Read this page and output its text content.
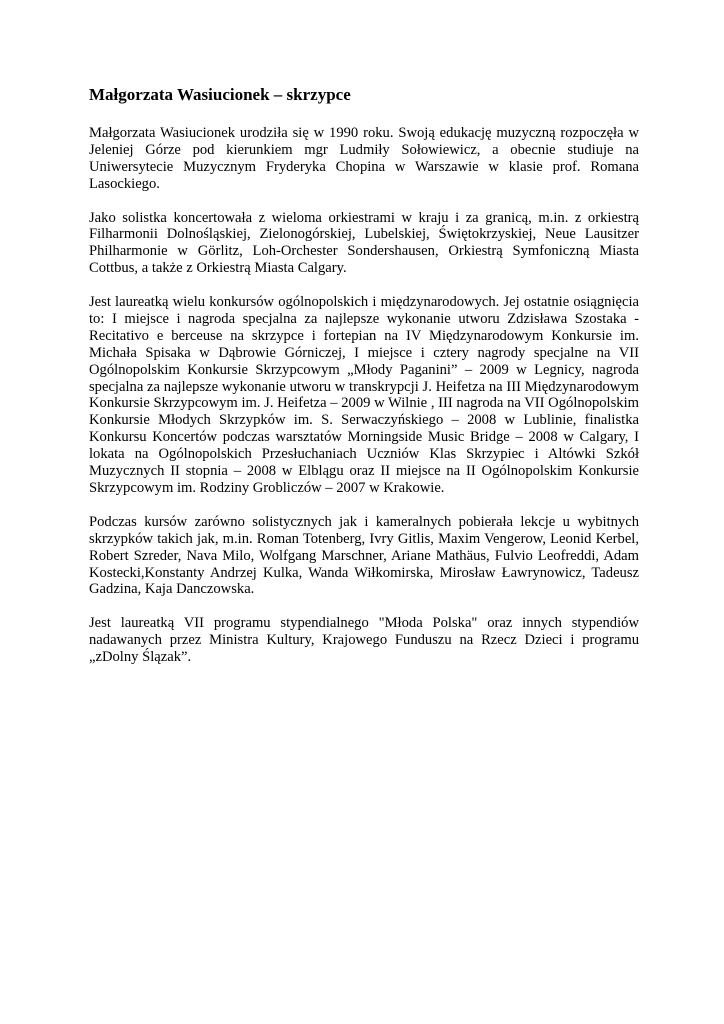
Małgorzata Wasiucionek – skrzypce

Małgorzata Wasiucionek urodziła się w 1990 roku. Swoją edukację muzyczną rozpoczęła w Jeleniej Górze pod kierunkiem mgr Ludmiły Sołowiewicz, a obecnie studiuje na Uniwersytecie Muzycznym Fryderyka Chopina w Warszawie w klasie prof. Romana Lasockiego.

Jako solistka koncertowała z wieloma orkiestrami w kraju i za granicą, m.in. z orkiestrą Filharmonii Dolnośląskiej, Zielonogórskiej, Lubelskiej, Świętokrzyskiej, Neue Lausitzer Philharmonie w Görlitz, Loh-Orchester Sondershausen, Orkiestrą Symfoniczną Miasta Cottbus, a także z Orkiestrą Miasta Calgary.

Jest laureatką wielu konkursów ogólnopolskich i międzynarodowych. Jej ostatnie osiągnięcia to: I miejsce i nagroda specjalna za najlepsze wykonanie utworu Zdzisława Szostaka - Recitativo e berceuse na skrzypce i fortepian na IV Międzynarodowym Konkursie im. Michała Spisaka w Dąbrowie Górniczej, I miejsce i cztery nagrody specjalne na VII Ogólnopolskim Konkursie Skrzypcowym „Młody Paganini” – 2009 w Legnicy, nagroda specjalna za najlepsze wykonanie utworu w transkrypcji J. Heifetza na III Międzynarodowym Konkursie Skrzypcowym im. J. Heifetza – 2009 w Wilnie , III nagroda na VII Ogólnopolskim Konkursie Młodych Skrzypków im. S. Serwaczyńskiego – 2008 w Lublinie, finalistka Konkursu Koncertów podczas warsztatów Morningside Music Bridge – 2008 w Calgary, I lokata na Ogólnopolskich Przesłuchaniach Uczniów Klas Skrzypiec i Altówki Szkół Muzycznych II stopnia – 2008 w Elblągu oraz II miejsce na II Ogólnopolskim Konkursie Skrzypcowym im. Rodziny Grobliczów – 2007 w Krakowie.

Podczas kursów zarówno solistycznych jak i kameralnych pobierała lekcje u wybitnych skrzypków takich jak, m.in. Roman Totenberg, Ivry Gitlis, Maxim Vengerow, Leonid Kerbel, Robert Szreder, Nava Milo, Wolfgang Marschner, Ariane Mathäus, Fulvio Leofreddi, Adam Kostecki,Konstanty Andrzej Kulka, Wanda Wiłkomirska, Mirosław Ławrynowicz, Tadeusz Gadzina, Kaja Danczowska.

Jest laureatką VII programu stypendialnego "Młoda Polska" oraz innych stypendiów nadawanych przez Ministra Kultury, Krajowego Funduszu na Rzecz Dzieci i programu „zDolny Ślązak”.
